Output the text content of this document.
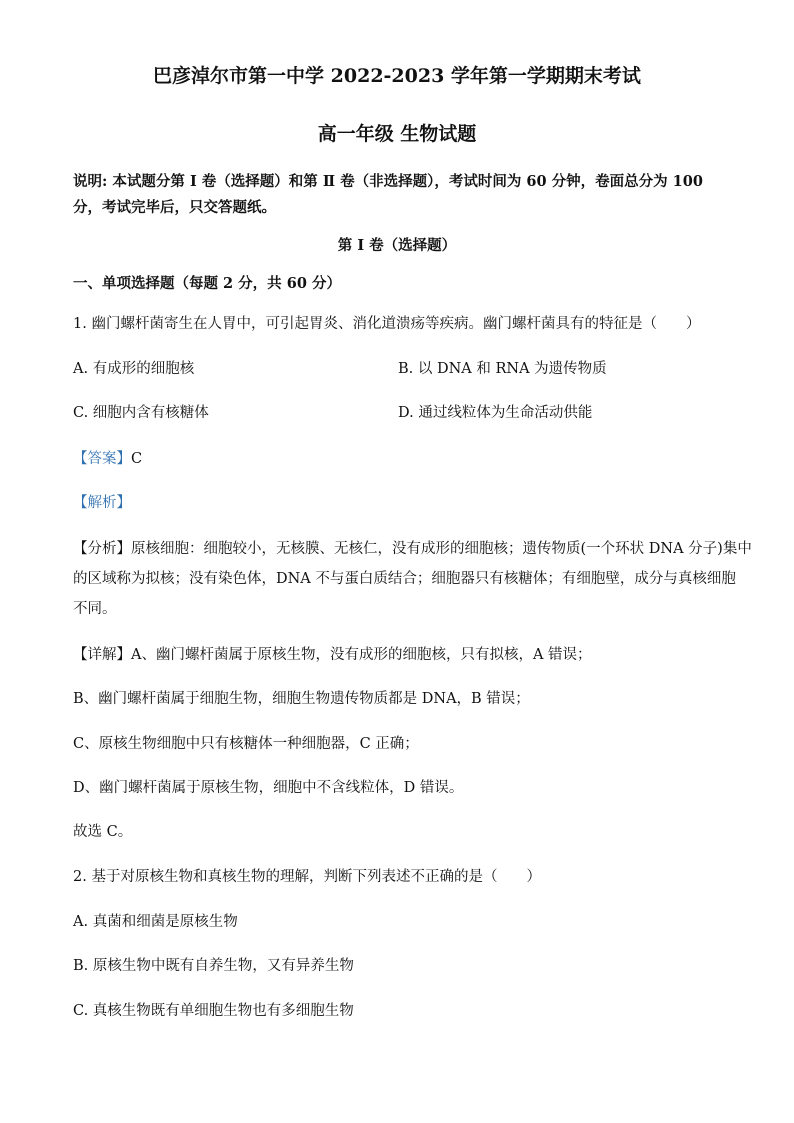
巴彦淖尔市第一中学 2022-2023 学年第一学期期末考试
高一年级 生物试题
说明: 本试题分第 Ⅰ 卷（选择题）和第 Ⅱ 卷（非选择题），考试时间为 60 分钟，卷面总分为 100
分，考试完毕后，只交答题纸。
第 Ⅰ 卷（选择题）
一、单项选择题（每题 2 分，共 60 分）
1. 幽门螺杆菌寄生在人胃中，可引起胃炎、消化道溃疡等疾病。幽门螺杆菌具有的特征是（　　）
A. 有成形的细胞核	B. 以 DNA 和 RNA 为遗传物质
C. 细胞内含有核糖体	D. 通过线粒体为生命活动供能
【答案】C
【解析】
【分析】原核细胞：细胞较小，无核膜、无核仁，没有成形的细胞核；遗传物质(一个环状 DNA 分子)集中
的区域称为拟核；没有染色体，DNA 不与蛋白质结合；细胞器只有核糖体；有细胞壁，成分与真核细胞
不同。
【详解】A、幽门螺杆菌属于原核生物，没有成形的细胞核，只有拟核，A 错误；
B、幽门螺杆菌属于细胞生物，细胞生物遗传物质都是 DNA，B 错误；
C、原核生物细胞中只有核糖体一种细胞器，C 正确；
D、幽门螺杆菌属于原核生物，细胞中不含线粒体，D 错误。
故选 C。
2. 基于对原核生物和真核生物的理解，判断下列表述不正确的是（　　）
A. 真菌和细菌是原核生物
B. 原核生物中既有自养生物，又有异养生物
C. 真核生物既有单细胞生物也有多细胞生物
